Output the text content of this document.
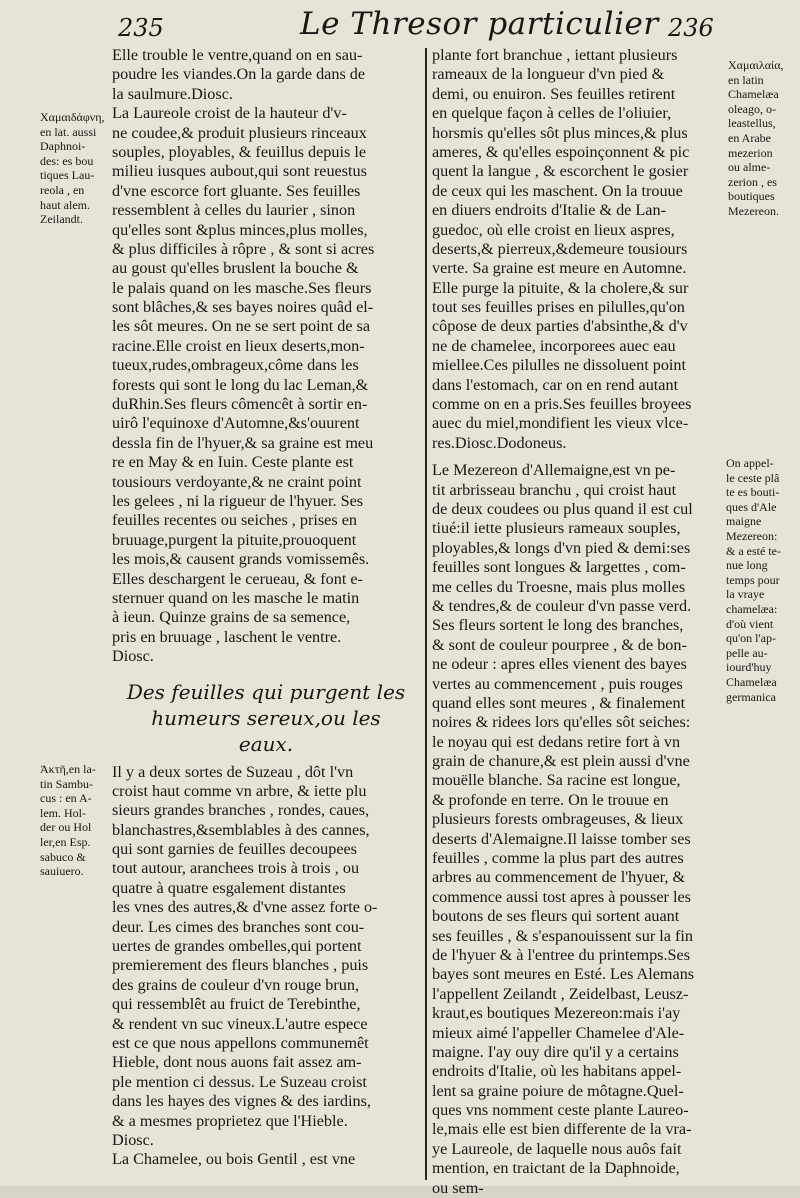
235	Le Thresor particulier 236
Elle trouble le ventre,quand on en sau-
poudre les viandes.On la garde dans de
la saulmure.Diosc.
La Laureole croist de la hauteur d'v-
ne coudee,& produit plusieurs rinceaux
souples, ployables, & feuillus depuis le
milieu iusques aubout,qui sont reuestus
d'vne escorce fort gluante. Ses feuilles
ressemblent à celles du laurier , sinon
qu'elles sont &plus minces,plus molles,
& plus difficiles à rôpre , & sont si acres
au goust qu'elles bruslent la bouche &
le palais quand on les masche.Ses fleurs
sont blâches,& ses bayes noires quâd el-
les sôt meures. On ne se sert point de sa
racine.Elle croist en lieux deserts,mon-
tueux,rudes,ombrageux,côme dans les
forests qui sont le long du lac Leman,&
duRhin.Ses fleurs cômencêt à sortir en-
uirô l'equinoxe d'Automne,&s'ouurent
dessla fin de l'hyuer,& sa graine est meu
re en May & en Iuin. Ceste plante est
tousiours verdoyante,& ne craint point
les gelees , ni la rigueur de l'hyuer. Ses
feuilles recentes ou seiches , prises en
bruuage,purgent la pituite,prouoquent
les mois,& causent grands vomissemês.
Elles deschargent le cerueau, & font e-
sternuer quand on les masche le matin
à ieun. Quinze grains de sa semence,
pris en bruuage , laschent le ventre.
Diosc.
Des feuilles qui purgent les
humeurs sereux,ou les
eaux.
Il y a deux sortes de Suzeau , dôt l'vn
croist haut comme vn arbre, & iette plu
sieurs grandes branches , rondes, caues,
blanchastres,&semblables à des cannes,
qui sont garnies de feuilles decoupees
tout autour, aranchees trois à trois , ou
quatre à quatre esgalement distantes
les vnes des autres,& d'vne assez forte o-
deur. Les cimes des branches sont cou-
uertes de grandes ombelles,qui portent
premierement des fleurs blanches , puis
des grains de couleur d'vn rouge brun,
qui ressemblêt au fruict de Terebinthe,
& rendent vn suc vineux.L'autre espece
est ce que nous appellons communemêt
Hieble, dont nous auons fait assez am-
ple mention ci dessus. Le Suzeau croist
dans les hayes des vignes & des iardins,
& a mesmes proprietez que l'Hieble.
Diosc.
La Chamelee, ou bois Gentil , est vne
plante fort branchue , iettant plusieurs
rameaux de la longueur d'vn pied &
demi, ou enuiron. Ses feuilles retirent
en quelque façon à celles de l'oliuier,
horsmis qu'elles sôt plus minces,& plus
ameres, & qu'elles espoinçonnent & pic
quent la langue , & escorchent le gosier
de ceux qui les maschent. On la trouue
en diuers endroits d'Italie & de Lan-
guedoc, où elle croist en lieux aspres,
deserts,& pierreux,&demeure tousiours
verte. Sa graine est meure en Automne.
Elle purge la pituite, & la cholere,& sur
tout ses feuilles prises en pilulles,qu'on
côpose de deux parties d'absinthe,& d'v
ne de chamelee, incorporees auec eau
miellee.Ces pilulles ne dissoluent point
dans l'estomach, car on en rend autant
comme on en a pris.Ses feuilles broyees
auec du miel,mondifient les vieux vlce-
res.Diosc.Dodoneus.
Le Mezereon d'Allemaigne,est vn pe-
tit arbrisseau branchu , qui croist haut
de deux coudees ou plus quand il est cul
tiué:il iette plusieurs rameaux souples,
ployables,& longs d'vn pied & demi:ses
feuilles sont longues & largettes , com-
me celles du Troesne, mais plus molles
& tendres,& de couleur d'vn passe verd.
Ses fleurs sortent le long des branches,
& sont de couleur pourpree , & de bon-
ne odeur : apres elles vienent des bayes
vertes au commencement , puis rouges
quand elles sont meures , & finalement
noires & ridees lors qu'elles sôt seiches:
le noyau qui est dedans retire fort à vn
grain de chanure,& est plein aussi d'vne
mouëlle blanche. Sa racine est longue,
& profonde en terre. On le trouue en
plusieurs forests ombrageuses, & lieux
deserts d'Alemaigne.Il laisse tomber ses
feuilles , comme la plus part des autres
arbres au commencement de l'hyuer, &
commence aussi tost apres à pousser les
boutons de ses fleurs qui sortent auant
ses feuilles , & s'espanouissent sur la fin
de l'hyuer & à l'entree du printemps.Ses
bayes sont meures en Esté. Les Alemans
l'appellent Zeilandt , Zeidelbast, Leusz-
kraut,es boutiques Mezereon:mais i'ay
mieux aimé l'appeller Chamelee d'Ale-
maigne. I'ay ouy dire qu'il y a certains
endroits d'Italie, où les habitans appel-
lent sa graine poiure de môtagne.Quel-
ques vns nomment ceste plante Laureo-
le,mais elle est bien differente de la vra-
ye Laureole, de laquelle nous auôs fait
mention, en traictant de la Daphnoide,
ou sem-
Χαμαιδάφνη,
en lat. aussi
Daphnoi-
des: es bou
tiques Lau-
reola , en
haut alem.
Zeilandt.
Ἀκτῆ,en la-
tin Sambu-
cus : en A-
lem. Hol-
der ou Hol
ler,en Esp.
sabuco &
sauiuero.
Χαμαιλαία,
en latin
Chamelæa
oleago, o-
leastellus,
en Arabe
mezerion
ou alme-
zerion , es
boutiques
Mezereon.
On appel-
le ceste plâ
te es bouti-
ques d'Ale
maigne
Mezereon:
& a esté te-
nue long
temps pour
la vraye
chamelæa:
d'où vient
qu'on l'ap-
pelle au-
iourd'huy
Chamelæa
germanica
